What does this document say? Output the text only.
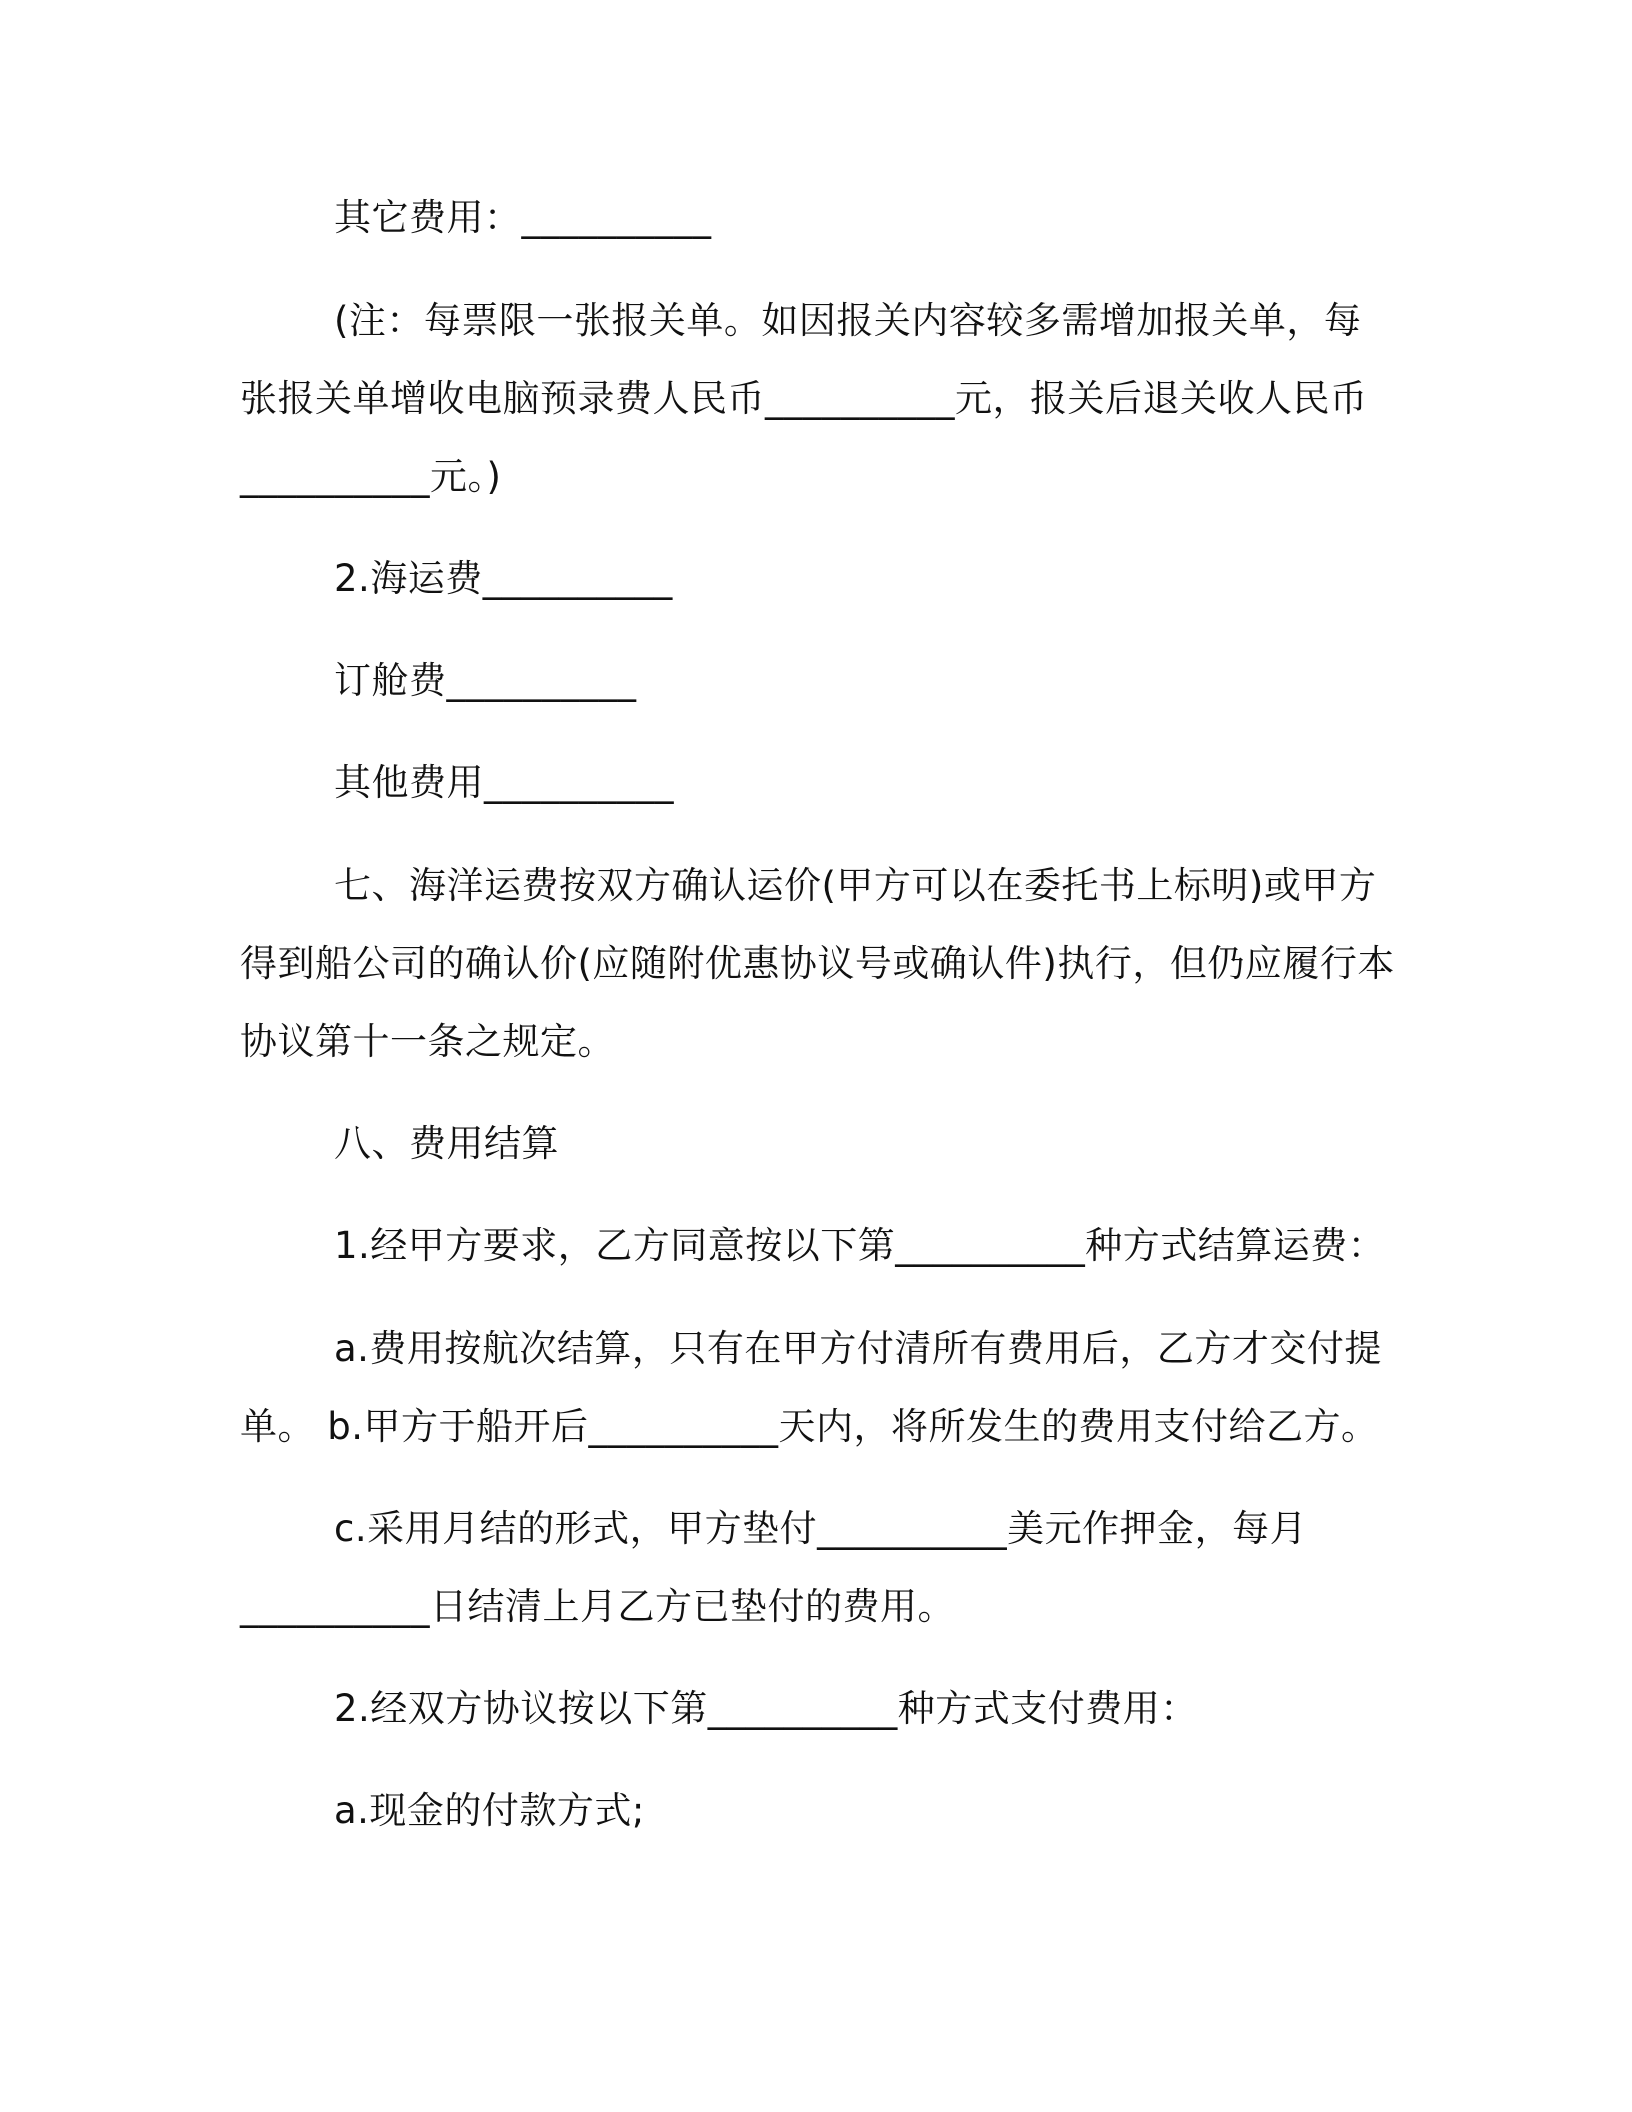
其它费用：__________
(注：每票限一张报关单。如因报关内容较多需增加报关单，每
张报关单增收电脑预录费人民币__________元，报关后退关收人民币
__________元。)
2.海运费__________
订舱费__________
其他费用__________
七、海洋运费按双方确认运价(甲方可以在委托书上标明)或甲方
得到船公司的确认价(应随附优惠协议号或确认件)执行，但仍应履行本
协议第十一条之规定。
八、费用结算
1.经甲方要求，乙方同意按以下第__________种方式结算运费：
a.费用按航次结算，只有在甲方付清所有费用后，乙方才交付提
单。 b.甲方于船开后__________天内，将所发生的费用支付给乙方。
c.采用月结的形式，甲方垫付__________美元作押金，每月
__________日结清上月乙方已垫付的费用。
2.经双方协议按以下第__________种方式支付费用：
a.现金的付款方式;
